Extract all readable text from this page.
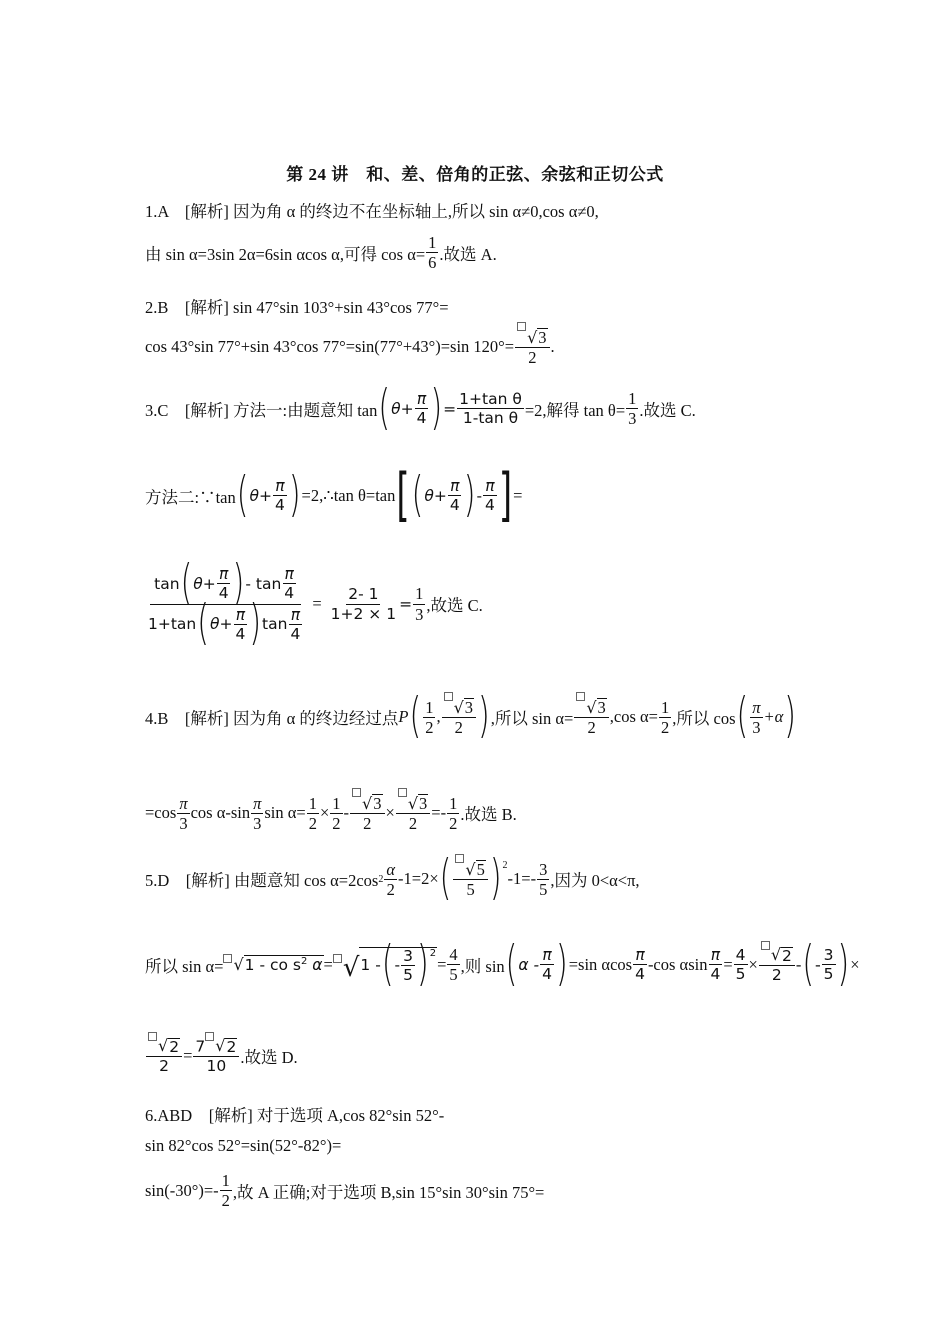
第 24 讲　和、差、倍角的正弦、余弦和正切公式
1.A　[解析] 因为角 α 的终边不在坐标轴上,所以 sin α≠0,cos α≠0,
由 sin α=3sin 2α=6sin αcos α,可得 $\cos \alpha= \frac{1}{6}$ .故选 A.
2.B　[解析] sin 47°sin 103°+sin 43°cos 77°=
cos 43°sin 77°+sin 43°cos 77°=sin(77°+43°)=sin $120^\circ= \frac{√ 3}{2}$ .
3.C　[解析] 方法一:由题意知 tan ( $\theta+ \frac{\pi}{4}$ ) = $\frac{\text{1+tan θ}}{\text{1-tan θ}} =2$,解得 $\tan \theta= \frac{1}{3}$ .故选 C.
方法二:∵tan ( $\theta+ \frac{\pi}{4}$ ) =2,∴tan θ=tan [ ( $\theta+ \frac{\pi}{4}$ ) - $\frac{\pi}{4}$ ] =
tan ( $\theta+ \frac{\pi}{4}$ ) - $\tan \frac{\pi}{4}$
1+tan ( $\theta+ \frac{\pi}{4}$ ) $\tan \frac{\pi}{4}$
= $\frac{2- 1}{1+2 \times 1} = \frac{1}{3}$ ,故选 C.
4.B　[解析] 因为角 α 的终边经过点 P ( $\frac{1}{2}$ , $\frac{√ 3}{2}$ ) ,所以 $\sin \alpha= \frac{√ 3}{2} ,\cos$ $\alpha= \frac{1}{2}$ ,所以 cos ( $\frac{\pi}{3} +\alpha$ )
$=\cos \frac{\pi}{3}$ $\cos \alpha-\sin \frac{\pi}{3}$ $\sin \alpha= \frac{1}{2} \times \frac{1}{2} - \frac{√ 3}{2} \times \frac{√ 3}{2} =- \frac{1}{2}$ .故选 B.
5.D　[解析] 由题意知 cos α=2cos $2 \frac{\alpha}{2} -1=2\times$ ( $\frac{√ 5}{5} )^2$
$-1=- \frac{3}{5}$ ,因为 0<α<π,
所以 sin α= √ 1 - co $s^2$ α = √ 1 - ( - $\frac{3}{5} )^2$
= $\frac{4}{5}$ ,则 sin ( α - $\frac{\pi}{4}$ ) =sin αcos $\frac{\pi}{4} -\cos$ αsin $\frac{\pi}{4} = \frac{4}{5} \times \frac{√ 2}{2}$ - ( - $\frac{3}{5}$ ) ×
$\frac{√ 2}{2} = \frac{7 √ 2}{10}$ .故选 D.
6.ABD　[解析] 对于选项 A,cos 82°sin 52°-
sin 82°cos 52°=sin(52°-82°)=
$\sin(-30^\circ)=- \frac{1}{2}$ ,故 A 正确;对于选项 B,sin 15°sin 30°sin 75°=
